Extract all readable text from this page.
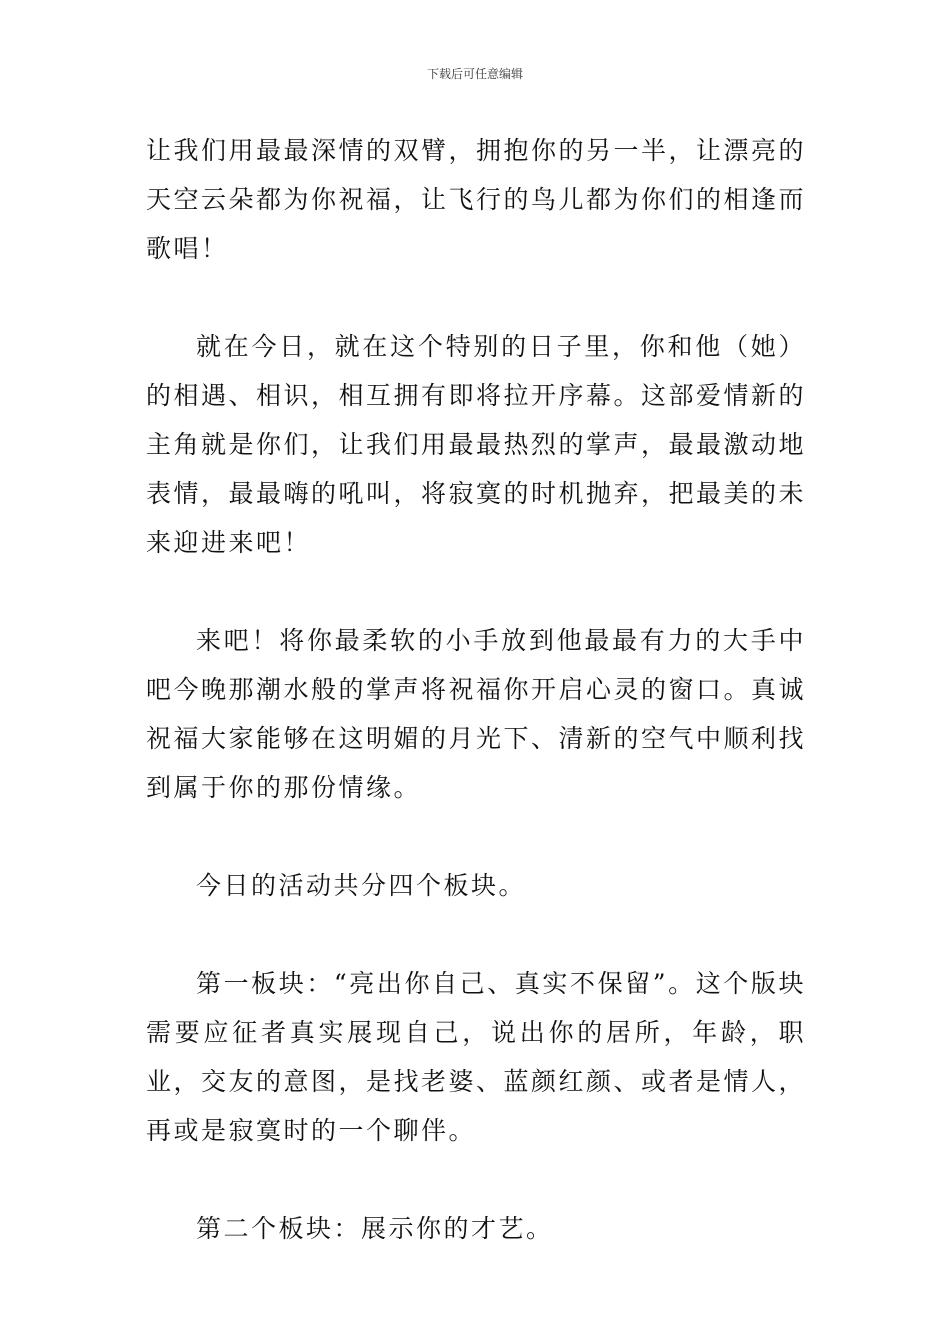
下载后可任意编辑

让我们用最最深情的双臂，拥抱你的另一半，让漂亮的天空云朵都为你祝福，让飞行的鸟儿都为你们的相逢而歌唱！

就在今日，就在这个特别的日子里，你和他（她）的相遇、相识，相互拥有即将拉开序幕。这部爱情新的主角就是你们，让我们用最最热烈的掌声，最最激动地表情，最最嗨的吼叫，将寂寞的时机抛弃，把最美的未来迎进来吧！

来吧！将你最柔软的小手放到他最最有力的大手中吧今晚那潮水般的掌声将祝福你开启心灵的窗口。真诚祝福大家能够在这明媚的月光下、清新的空气中顺利找到属于你的那份情缘。

今日的活动共分四个板块。

第一板块：“亮出你自己、真实不保留”。这个版块需要应征者真实展现自己，说出你的居所，年龄，职业，交友的意图，是找老婆、蓝颜红颜、或者是情人，再或是寂寞时的一个聊伴。

第二个板块：展示你的才艺。
